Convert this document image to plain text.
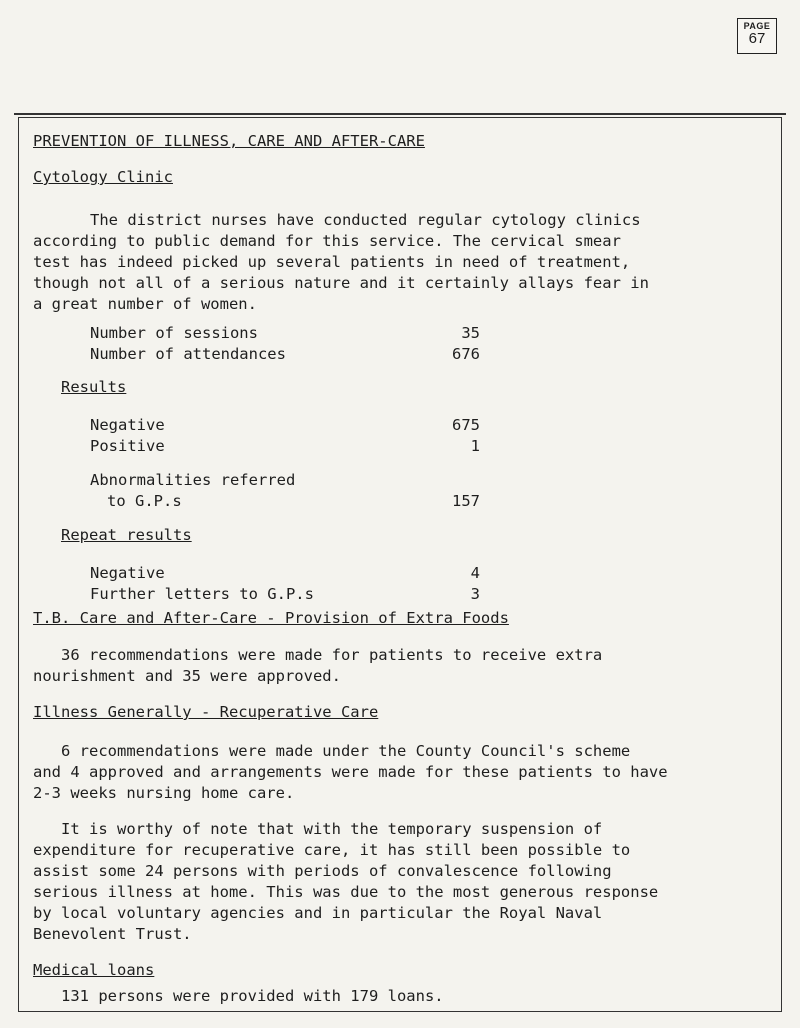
PAGE
67
PREVENTION OF ILLNESS, CARE AND AFTER-CARE
Cytology Clinic
The district nurses have conducted regular cytology clinics
according to public demand for this service. The cervical smear
test has indeed picked up several patients in need of treatment,
though not all of a serious nature and it certainly allays fear in
a great number of women.
Number of sessions	35
Number of attendances	676
Results
Negative	675
Positive	1
Abnormalities referred
to G.P.s	157
Repeat results
Negative	4
Further letters to G.P.s	3
T.B. Care and After-Care - Provision of Extra Foods
36 recommendations were made for patients to receive extra
nourishment and 35 were approved.
Illness Generally - Recuperative Care
6 recommendations were made under the County Council's scheme
and 4 approved and arrangements were made for these patients to have
2-3 weeks nursing home care.
It is worthy of note that with the temporary suspension of
expenditure for recuperative care, it has still been possible to
assist some 24 persons with periods of convalescence following
serious illness at home. This was due to the most generous response
by local voluntary agencies and in particular the Royal Naval
Benevolent Trust.
Medical loans
131 persons were provided with 179 loans.
